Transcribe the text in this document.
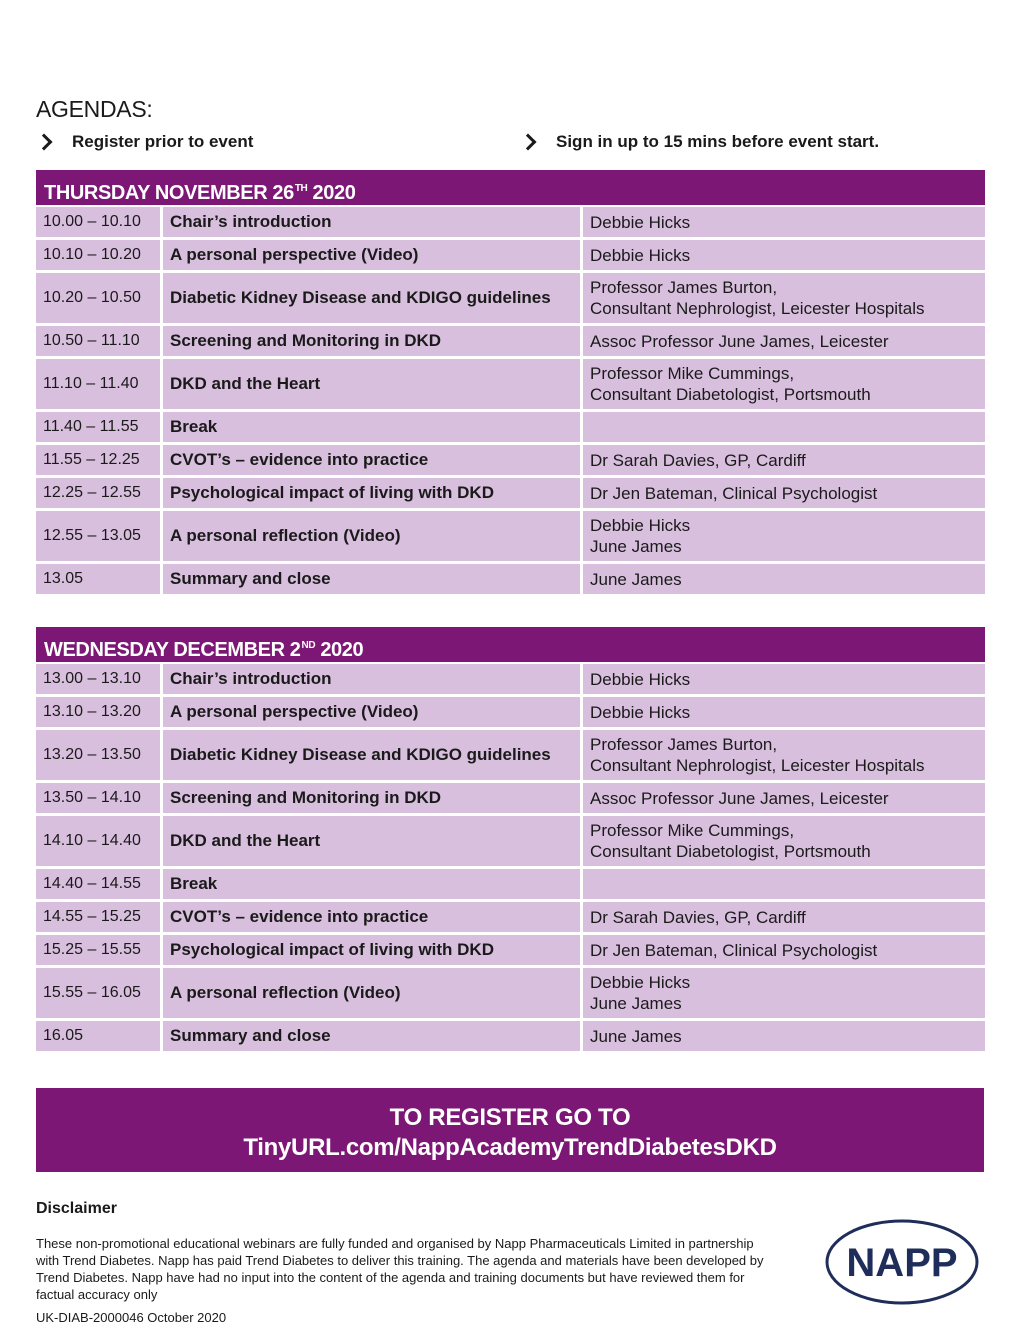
AGENDAS:
Register prior to event	Sign in up to 15 mins before event start.
THURSDAY NOVEMBER 26TH 2020
10.00 – 10.10	Chair’s introduction	Debbie Hicks

10.10 – 10.20	A personal perspective (Video)	Debbie Hicks

10.20 – 10.50	Diabetic Kidney Disease and KDIGO guidelines	Professor James Burton,
Consultant Nephrologist, Leicester Hospitals

10.50 – 11.10	Screening and Monitoring in DKD	Assoc Professor June James, Leicester

11.10 – 11.40	DKD and the Heart	Professor Mike Cummings,
Consultant Diabetologist, Portsmouth

11.40 – 11.55	Break	

11.55 – 12.25	CVOT’s – evidence into practice	Dr Sarah Davies, GP, Cardiff

12.25 – 12.55	Psychological impact of living with DKD	Dr Jen Bateman, Clinical Psychologist

12.55 – 13.05	A personal reflection (Video)	Debbie Hicks
June James

13.05	Summary and close	June James
WEDNESDAY DECEMBER 2ND 2020
13.00 – 13.10	Chair’s introduction	Debbie Hicks

13.10 – 13.20	A personal perspective (Video)	Debbie Hicks

13.20 – 13.50	Diabetic Kidney Disease and KDIGO guidelines	Professor James Burton,
Consultant Nephrologist, Leicester Hospitals

13.50 – 14.10	Screening and Monitoring in DKD	Assoc Professor June James, Leicester

14.10 – 14.40	DKD and the Heart	Professor Mike Cummings,
Consultant Diabetologist, Portsmouth

14.40 – 14.55	Break	

14.55 – 15.25	CVOT’s – evidence into practice	Dr Sarah Davies, GP, Cardiff

15.25 – 15.55	Psychological impact of living with DKD	Dr Jen Bateman, Clinical Psychologist

15.55 – 16.05	A personal reflection (Video)	Debbie Hicks
June James

16.05	Summary and close	June James
TO REGISTER GO TO
TinyURL.com/NappAcademyTrendDiabetesDKD
Disclaimer
These non-promotional educational webinars are fully funded and organised by Napp Pharmaceuticals Limited in partnership with Trend Diabetes. Napp has paid Trend Diabetes to deliver this training. The agenda and materials have been developed by Trend Diabetes. Napp have had no input into the content of the agenda and training documents but have reviewed them for factual accuracy only
UK-DIAB-2000046 October 2020
NAPP
